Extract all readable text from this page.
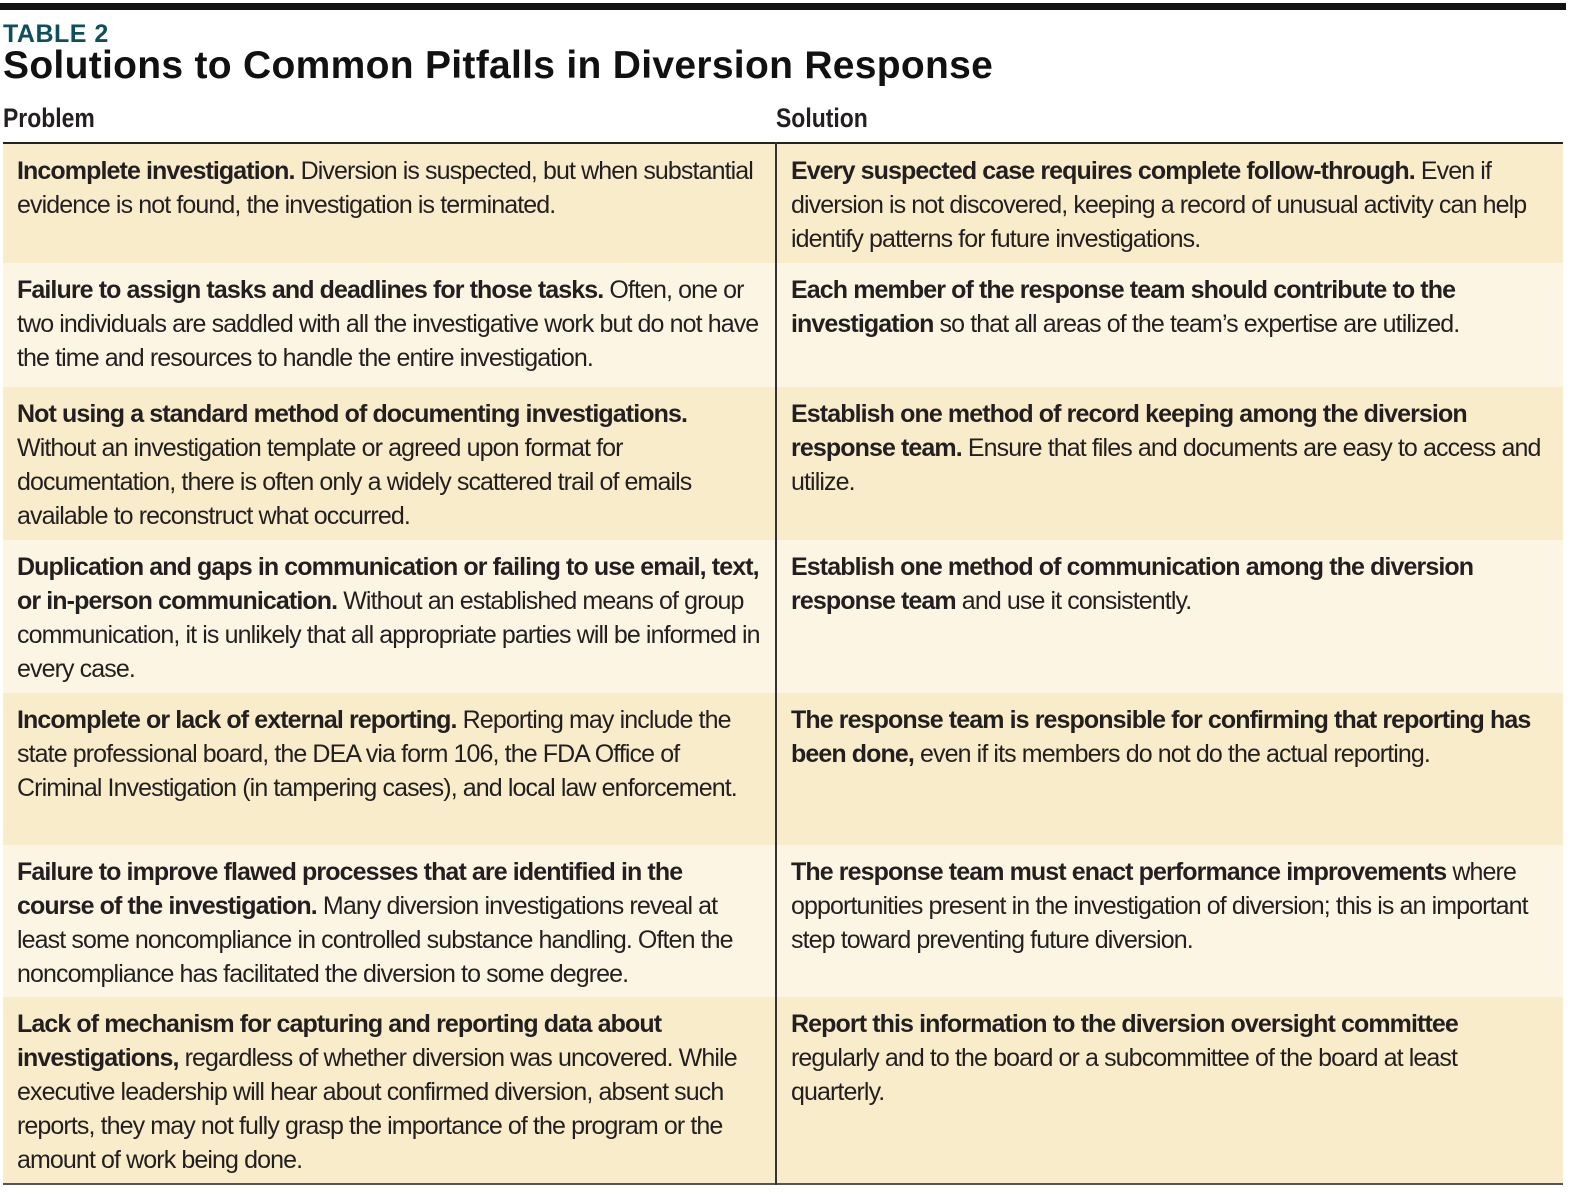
TABLE 2
Solutions to Common Pitfalls in Diversion Response
Problem	Solution
Incomplete investigation. Diversion is suspected, but when substantial evidence is not found, the investigation is terminated.	Every suspected case requires complete follow-through. Even if diversion is not discovered, keeping a record of unusual activity can help identify patterns for future investigations.
Failure to assign tasks and deadlines for those tasks. Often, one or two individuals are saddled with all the investigative work but do not have the time and resources to handle the entire investigation.	Each member of the response team should contribute to the investigation so that all areas of the team’s expertise are utilized.
Not using a standard method of documenting investigations. Without an investigation template or agreed upon format for documentation, there is often only a widely scattered trail of emails available to reconstruct what occurred.	Establish one method of record keeping among the diversion response team. Ensure that files and documents are easy to access and utilize.
Duplication and gaps in communication or failing to use email, text, or in-person communication. Without an established means of group communication, it is unlikely that all appropriate parties will be informed in every case.	Establish one method of communication among the diversion response team and use it consistently.
Incomplete or lack of external reporting. Reporting may include the state professional board, the DEA via form 106, the FDA Office of Criminal Investigation (in tampering cases), and local law enforcement.	The response team is responsible for confirming that reporting has been done, even if its members do not do the actual reporting.
Failure to improve flawed processes that are identified in the course of the investigation. Many diversion investigations reveal at least some noncompliance in controlled substance handling. Often the noncompliance has facilitated the diversion to some degree.	The response team must enact performance improvements where opportunities present in the investigation of diversion; this is an important step toward preventing future diversion.
Lack of mechanism for capturing and reporting data about investigations, regardless of whether diversion was uncovered. While executive leadership will hear about confirmed diversion, absent such reports, they may not fully grasp the importance of the program or the amount of work being done.	Report this information to the diversion oversight committee regularly and to the board or a subcommittee of the board at least quarterly.
